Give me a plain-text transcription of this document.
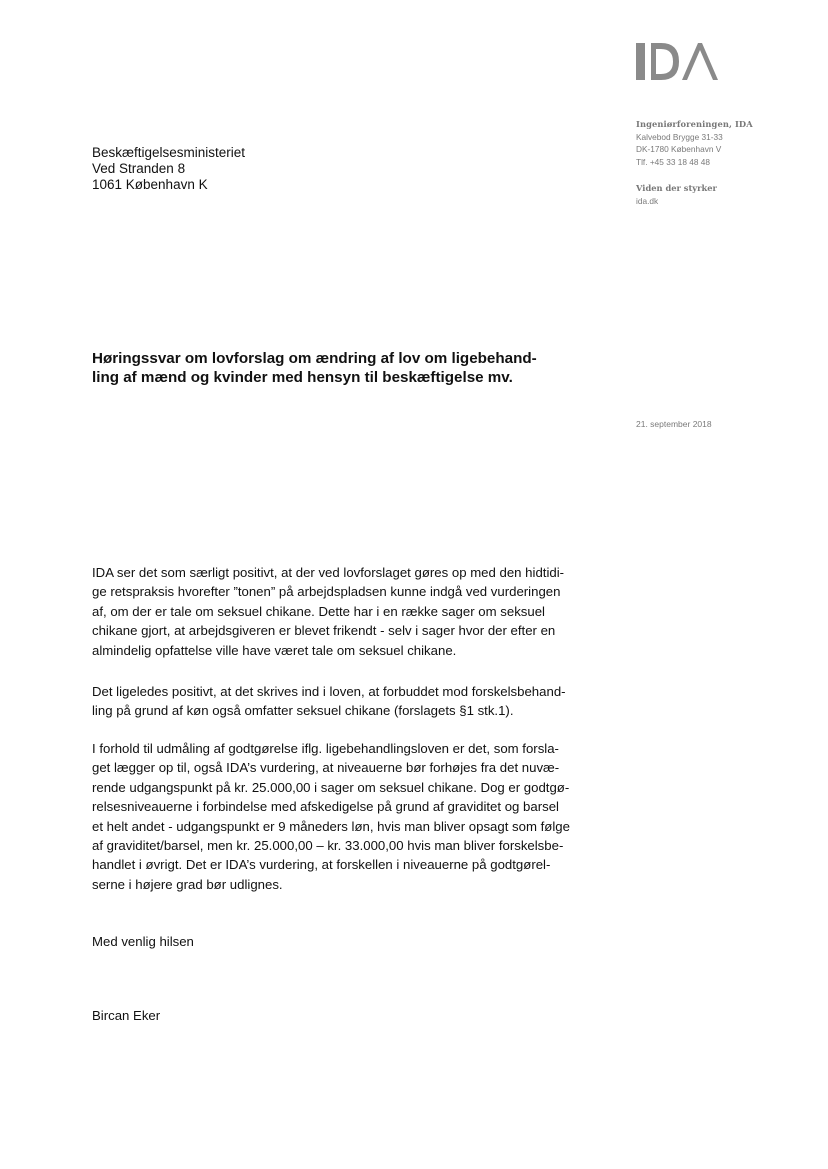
Ingeniørforeningen, IDA
Kalvebod Brygge 31-33
DK-1780 København V
Tlf. +45 33 18 48 48
Viden der styrker
ida.dk
Beskæftigelsesministeriet
Ved Stranden 8
1061 København K
Høringssvar om lovforslag om ændring af lov om ligebehand-
ling af mænd og kvinder med hensyn til beskæftigelse mv.
21. september 2018
IDA ser det som særligt positivt, at der ved lovforslaget gøres op med den hidtidi-
ge retspraksis hvorefter ”tonen” på arbejdspladsen kunne indgå ved vurderingen
af, om der er tale om seksuel chikane. Dette har i en række sager om seksuel
chikane gjort, at arbejdsgiveren er blevet frikendt - selv i sager hvor der efter en
almindelig opfattelse ville have været tale om seksuel chikane.
Det ligeledes positivt, at det skrives ind i loven, at forbuddet mod forskelsbehand-
ling på grund af køn også omfatter seksuel chikane (forslagets §1 stk.1).
I forhold til udmåling af godtgørelse iflg. ligebehandlingsloven er det, som forsla-
get lægger op til, også IDA’s vurdering, at niveauerne bør forhøjes fra det nuvæ-
rende udgangspunkt på kr. 25.000,00 i sager om seksuel chikane. Dog er godtgø-
relsesniveauerne i forbindelse med afskedigelse på grund af graviditet og barsel
et helt andet - udgangspunkt er 9 måneders løn, hvis man bliver opsagt som følge
af graviditet/barsel, men kr. 25.000,00 – kr. 33.000,00 hvis man bliver forskelsbe-
handlet i øvrigt. Det er IDA’s vurdering, at forskellen i niveauerne på godtgørel-
serne i højere grad bør udlignes.
Med venlig hilsen
Bircan Eker
